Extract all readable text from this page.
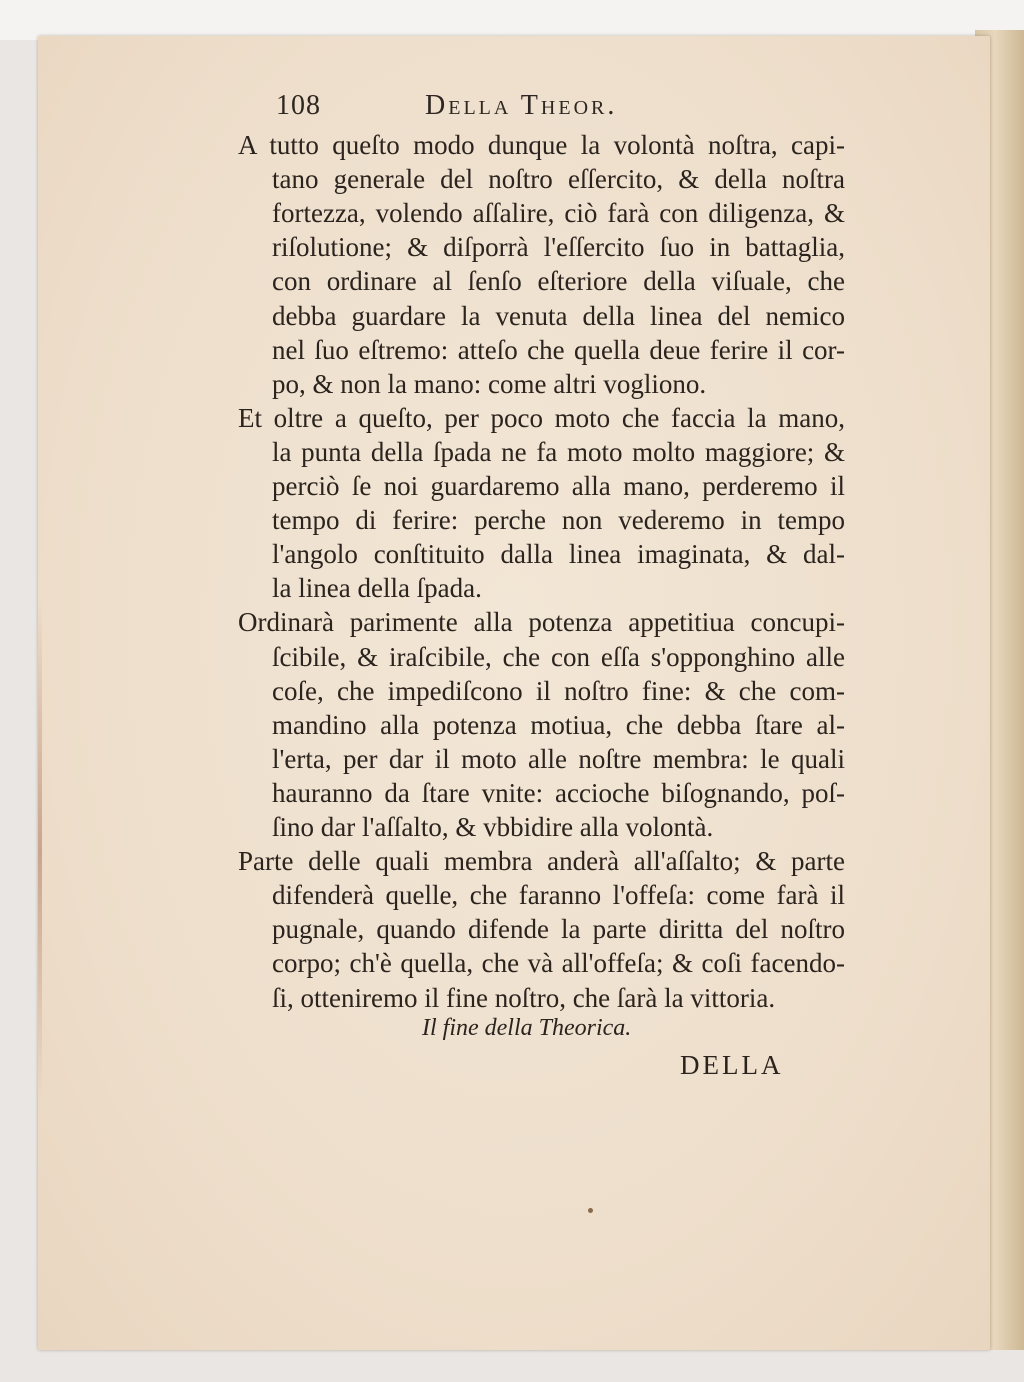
108	Della Theor.
A tutto queſto modo dunque la volontà noſtra, capi-
tano generale del noſtro eſſercito, & della noſtra
fortezza, volendo aſſalire, ciò farà con diligenza, &
riſolutione; & diſporrà l'eſſercito ſuo in battaglia,
con ordinare al ſenſo eſteriore della viſuale, che
debba guardare la venuta della linea del nemico
nel ſuo eſtremo: atteſo che quella deue ferire il cor-
po, & non la mano: come altri vogliono.
Et oltre a queſto, per poco moto che faccia la mano,
la punta della ſpada ne fa moto molto maggiore; &
perciò ſe noi guardaremo alla mano, perderemo il
tempo di ferire: perche non vederemo in tempo
l'angolo conſtituito dalla linea imaginata, & dal-
la linea della ſpada.
Ordinarà parimente alla potenza appetitiua concupi-
ſcibile, & iraſcibile, che con eſſa s'opponghino alle
coſe, che impediſcono il noſtro fine: & che com-
mandino alla potenza motiua, che debba ſtare al-
l'erta, per dar il moto alle noſtre membra: le quali
hauranno da ſtare vnite: accioche biſognando, poſ-
ſino dar l'aſſalto, & vbbidire alla volontà.
Parte delle quali membra anderà all'aſſalto; & parte
difenderà quelle, che faranno l'offeſa: come farà il
pugnale, quando difende la parte diritta del noſtro
corpo; ch'è quella, che và all'offeſa; & coſi facendo-
ſi, otteniremo il fine noſtro, che ſarà la vittoria.
Il fine della Theorica.
DELLA
